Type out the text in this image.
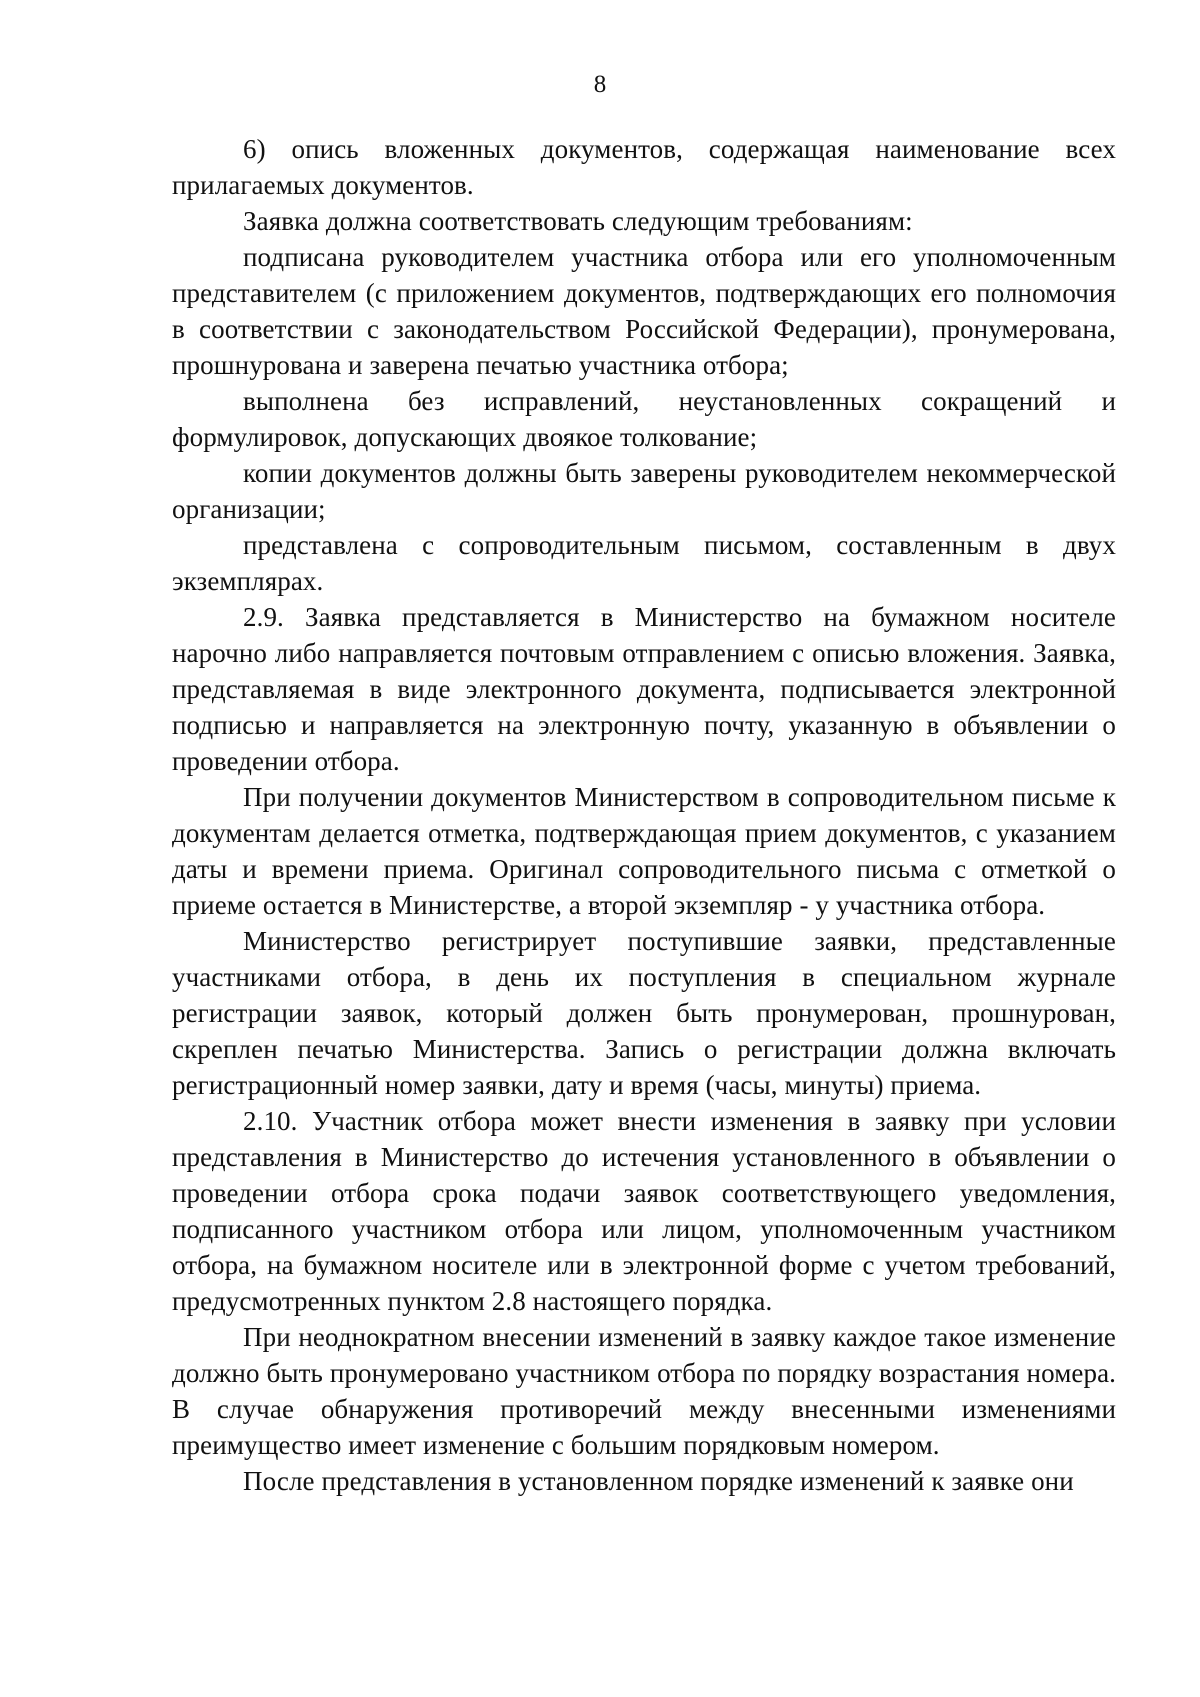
8

6) опись вложенных документов, содержащая наименование всех прилагаемых документов.

Заявка должна соответствовать следующим требованиям:

подписана руководителем участника отбора или его уполномоченным представителем (с приложением документов, подтверждающих его полномочия в соответствии с законодательством Российской Федерации), пронумерована, прошнурована и заверена печатью участника отбора;

выполнена без исправлений, неустановленных сокращений и формулировок, допускающих двоякое толкование;

копии документов должны быть заверены руководителем некоммерческой организации;

представлена с сопроводительным письмом, составленным в двух экземплярах.

2.9. Заявка представляется в Министерство на бумажном носителе нарочно либо направляется почтовым отправлением с описью вложения. Заявка, представляемая в виде электронного документа, подписывается электронной подписью и направляется на электронную почту, указанную в объявлении о проведении отбора.

При получении документов Министерством в сопроводительном письме к документам делается отметка, подтверждающая прием документов, с указанием даты и времени приема. Оригинал сопроводительного письма с отметкой о приеме остается в Министерстве, а второй экземпляр - у участника отбора.

Министерство регистрирует поступившие заявки, представленные участниками отбора, в день их поступления в специальном журнале регистрации заявок, который должен быть пронумерован, прошнурован, скреплен печатью Министерства. Запись о регистрации должна включать регистрационный номер заявки, дату и время (часы, минуты) приема.

2.10. Участник отбора может внести изменения в заявку при условии представления в Министерство до истечения установленного в объявлении о проведении отбора срока подачи заявок соответствующего уведомления, подписанного участником отбора или лицом, уполномоченным участником отбора, на бумажном носителе или в электронной форме с учетом требований, предусмотренных пунктом 2.8 настоящего порядка.

При неоднократном внесении изменений в заявку каждое такое изменение должно быть пронумеровано участником отбора по порядку возрастания номера. В случае обнаружения противоречий между внесенными изменениями преимущество имеет изменение с большим порядковым номером.

После представления в установленном порядке изменений к заявке они
